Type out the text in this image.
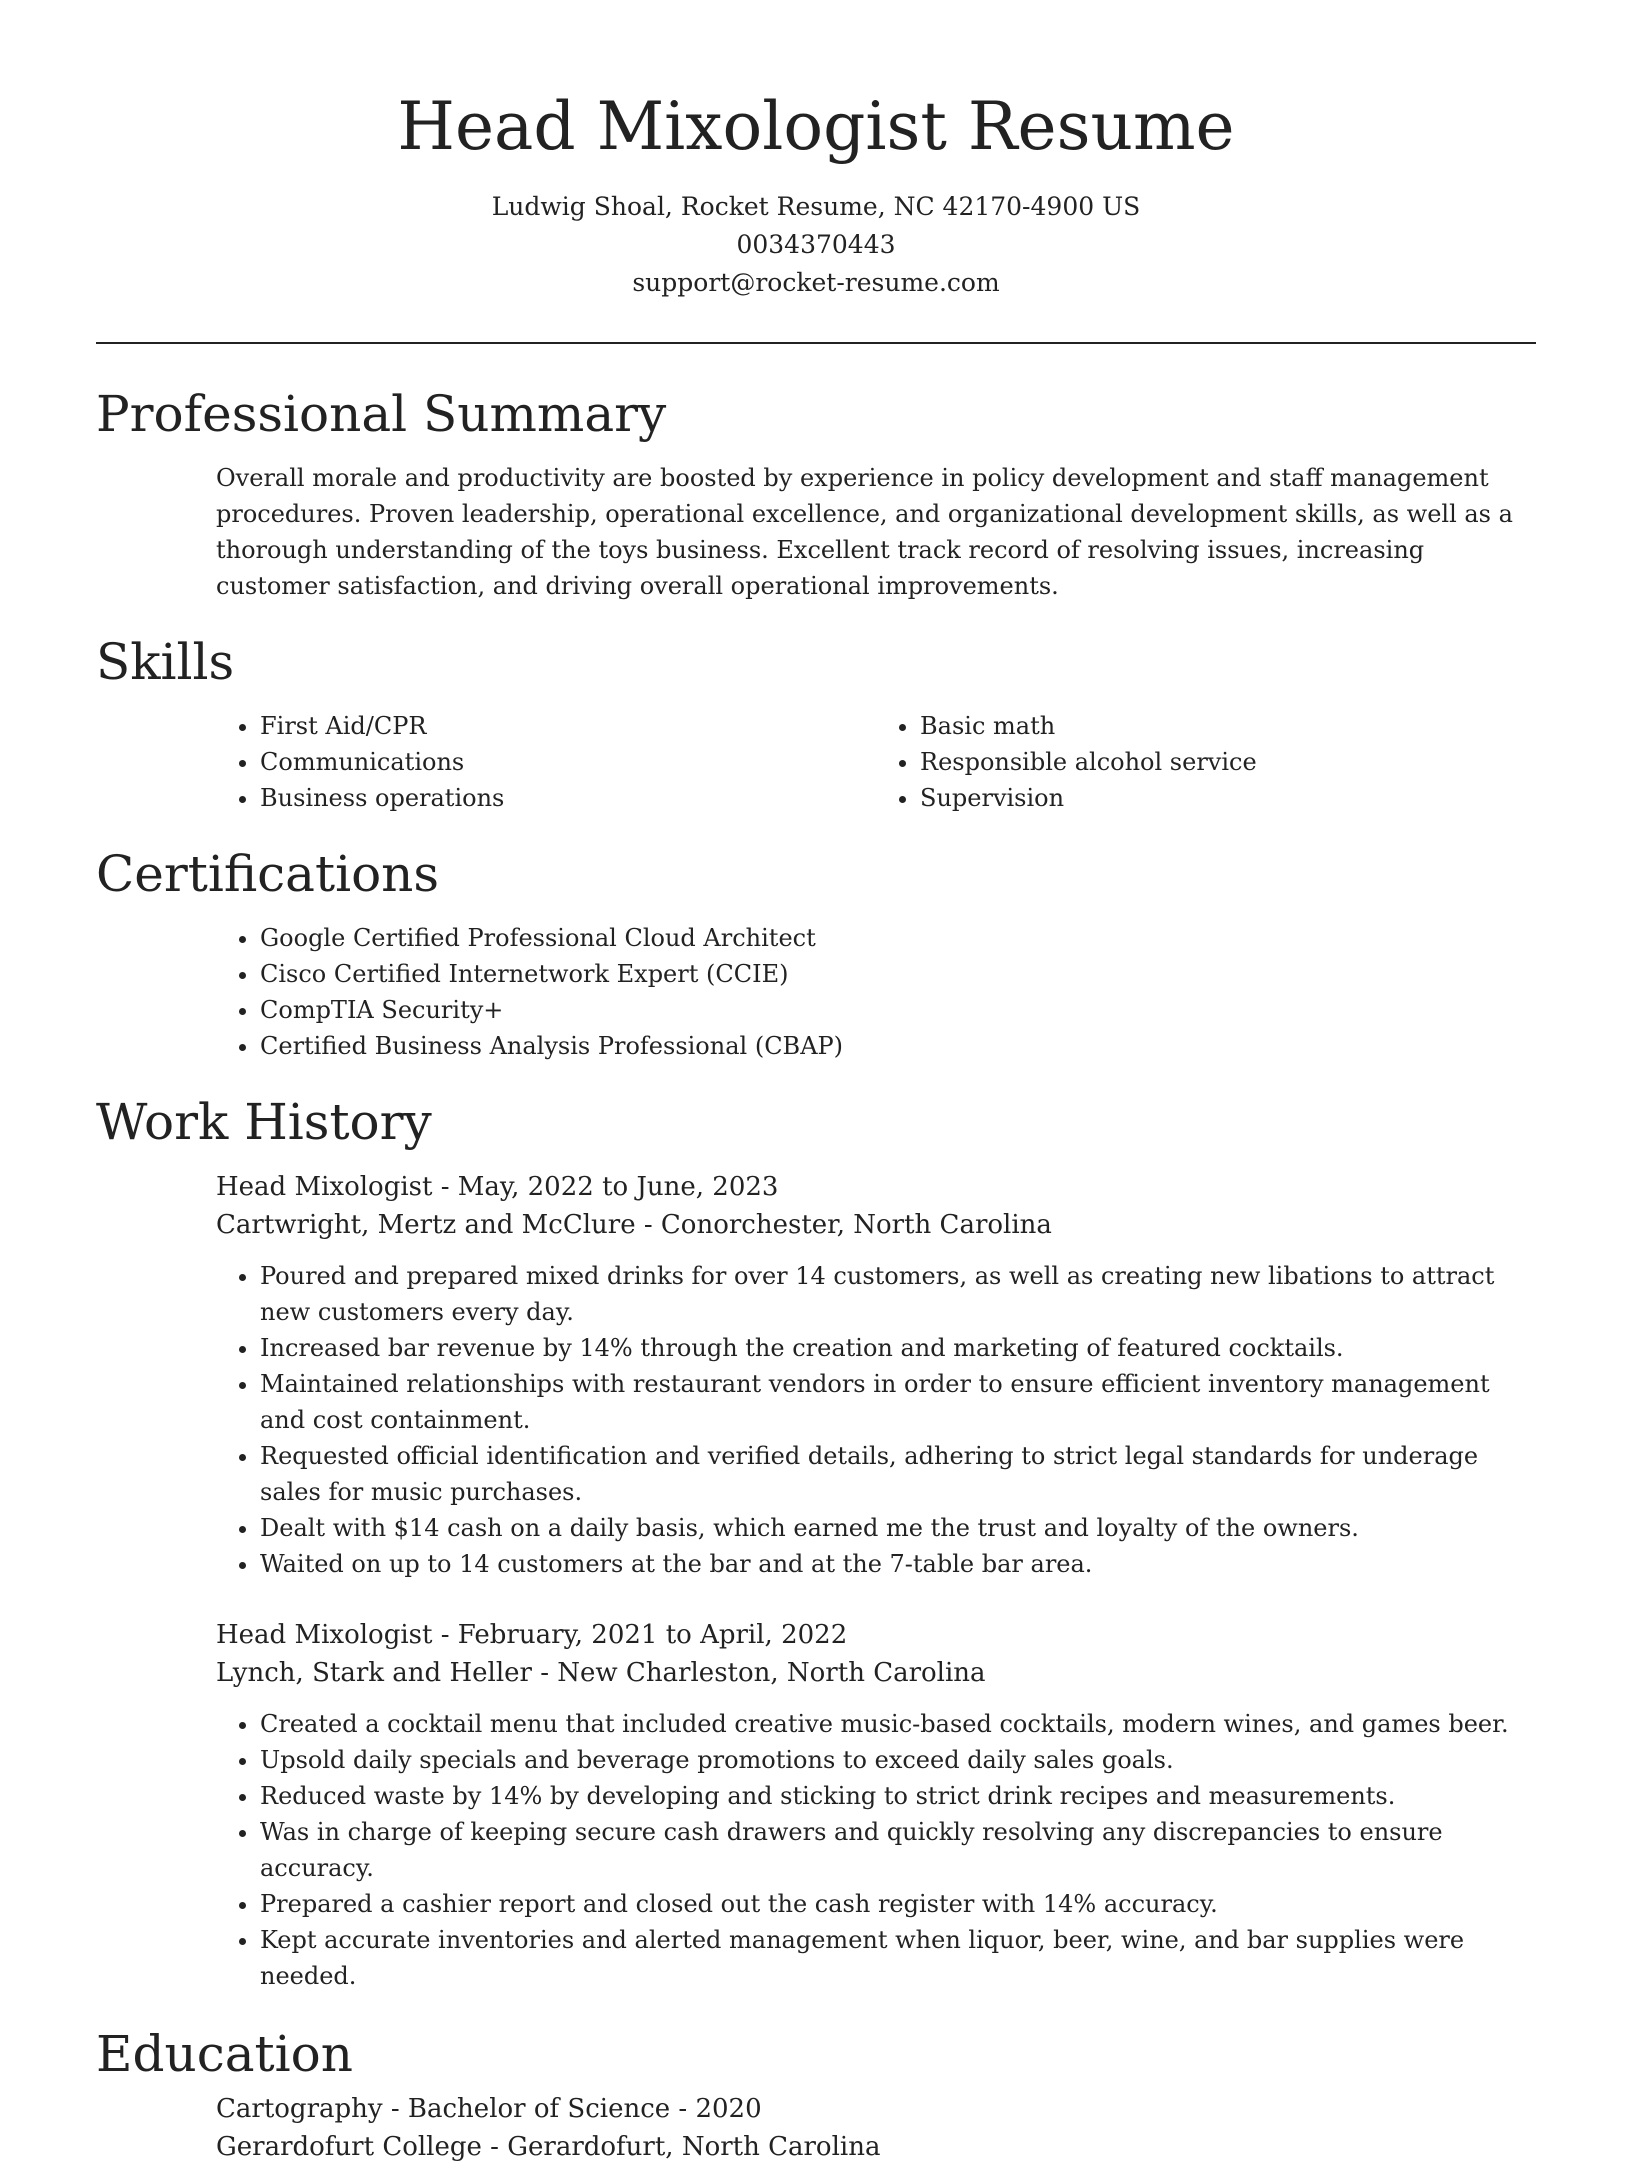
Head Mixologist Resume
Ludwig Shoal, Rocket Resume, NC 42170-4900 US
0034370443
support@rocket-resume.com
Professional Summary

Overall morale and productivity are boosted by experience in policy development and staff management procedures. Proven leadership, operational excellence, and organizational development skills, as well as a thorough understanding of the toys business. Excellent track record of resolving issues, increasing customer satisfaction, and driving overall operational improvements.

Skills
• First Aid/CPR
• Communications
• Business operations
• Basic math
• Responsible alcohol service
• Supervision
Certifications
• Google Certified Professional Cloud Architect
• Cisco Certified Internetwork Expert (CCIE)
• CompTIA Security+
• Certified Business Analysis Professional (CBAP)
Work History
Head Mixologist - May, 2022 to June, 2023
Cartwright, Mertz and McClure - Conorchester, North Carolina
• Poured and prepared mixed drinks for over 14 customers, as well as creating new libations to attract new customers every day.
• Increased bar revenue by 14% through the creation and marketing of featured cocktails.
• Maintained relationships with restaurant vendors in order to ensure efficient inventory management and cost containment.
• Requested official identification and verified details, adhering to strict legal standards for underage sales for music purchases.
• Dealt with $14 cash on a daily basis, which earned me the trust and loyalty of the owners.
• Waited on up to 14 customers at the bar and at the 7-table bar area.
Head Mixologist - February, 2021 to April, 2022
Lynch, Stark and Heller - New Charleston, North Carolina
• Created a cocktail menu that included creative music-based cocktails, modern wines, and games beer.
• Upsold daily specials and beverage promotions to exceed daily sales goals.
• Reduced waste by 14% by developing and sticking to strict drink recipes and measurements.
• Was in charge of keeping secure cash drawers and quickly resolving any discrepancies to ensure accuracy.
• Prepared a cashier report and closed out the cash register with 14% accuracy.
• Kept accurate inventories and alerted management when liquor, beer, wine, and bar supplies were needed.
Education
Cartography - Bachelor of Science - 2020
Gerardofurt College - Gerardofurt, North Carolina
